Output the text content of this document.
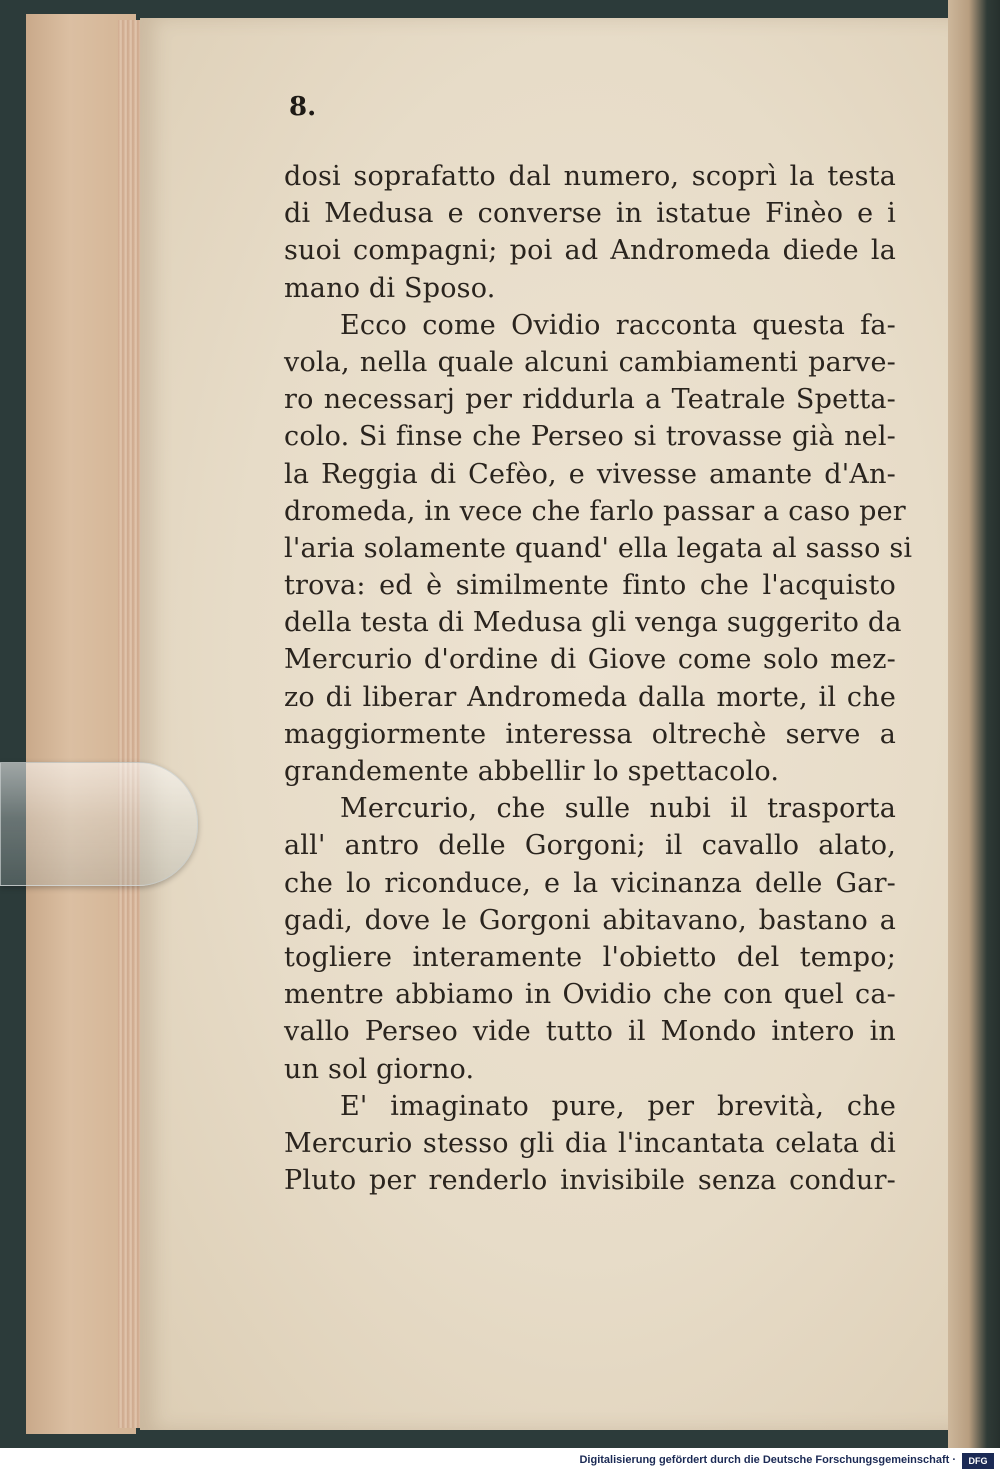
8.
dosi soprafatto dal numero, scoprì la testa
di Medusa e converse in istatue Finèo e i
suoi compagni; poi ad Andromeda diede la
mano di Sposo.
Ecco come Ovidio racconta questa fa-
vola, nella quale alcuni cambiamenti parve-
ro necessarj per riddurla a Teatrale Spetta-
colo. Si finse che Perseo si trovasse già nel-
la Reggia di Cefèo, e vivesse amante d'An-
dromeda, in vece che farlo passar a caso per
l'aria solamente quand' ella legata al sasso si
trova: ed è similmente finto che l'acquisto
della testa di Medusa gli venga suggerito da
Mercurio d'ordine di Giove come solo mez-
zo di liberar Andromeda dalla morte, il che
maggiormente interessa oltrechè serve a
grandemente abbellir lo spettacolo.
Mercurio, che sulle nubi il trasporta
all' antro delle Gorgoni; il cavallo alato,
che lo riconduce, e la vicinanza delle Gar-
gadi, dove le Gorgoni abitavano, bastano a
togliere interamente l'obietto del tempo;
mentre abbiamo in Ovidio che con quel ca-
vallo Perseo vide tutto il Mondo intero in
un sol giorno.
E' imaginato pure, per brevità, che
Mercurio stesso gli dia l'incantata celata di
Pluto per renderlo invisibile senza condur-
Digitalisierung gefördert durch die Deutsche Forschungsgemeinschaft ·	DFG
